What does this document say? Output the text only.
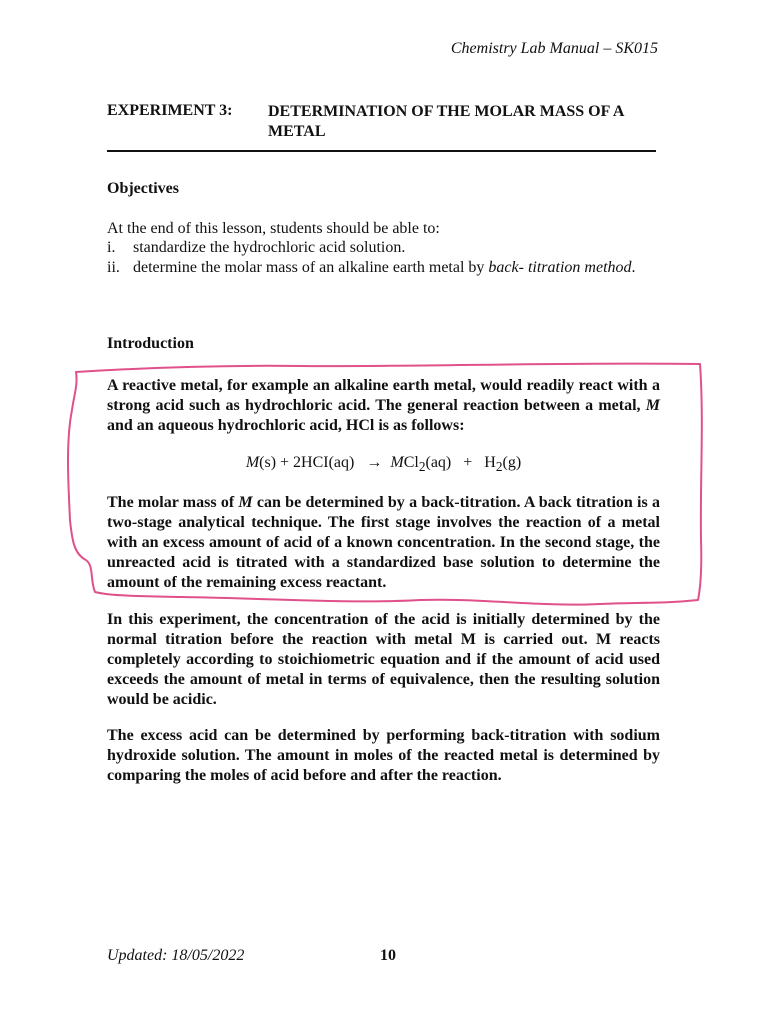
Chemistry Lab Manual – SK015
EXPERIMENT 3: DETERMINATION OF THE MOLAR MASS OF A METAL
Objectives
At the end of this lesson, students should be able to:
i. standardize the hydrochloric acid solution.
ii. determine the molar mass of an alkaline earth metal by back- titration method.
Introduction
A reactive metal, for example an alkaline earth metal, would readily react with a strong acid such as hydrochloric acid. The general reaction between a metal, M and an aqueous hydrochloric acid, HCl is as follows:
$M(s) + 2HCI(aq) \to MCl_2(aq) + H_2(g)$
The molar mass of M can be determined by a back-titration. A back titration is a two-stage analytical technique. The first stage involves the reaction of a metal with an excess amount of acid of a known concentration. In the second stage, the unreacted acid is titrated with a standardized base solution to determine the amount of the remaining excess reactant.
In this experiment, the concentration of the acid is initially determined by the normal titration before the reaction with metal M is carried out. M reacts completely according to stoichiometric equation and if the amount of acid used exceeds the amount of metal in terms of equivalence, then the resulting solution would be acidic.
The excess acid can be determined by performing back-titration with sodium hydroxide solution. The amount in moles of the reacted metal is determined by comparing the moles of acid before and after the reaction.
Updated: 18/05/2022	10
